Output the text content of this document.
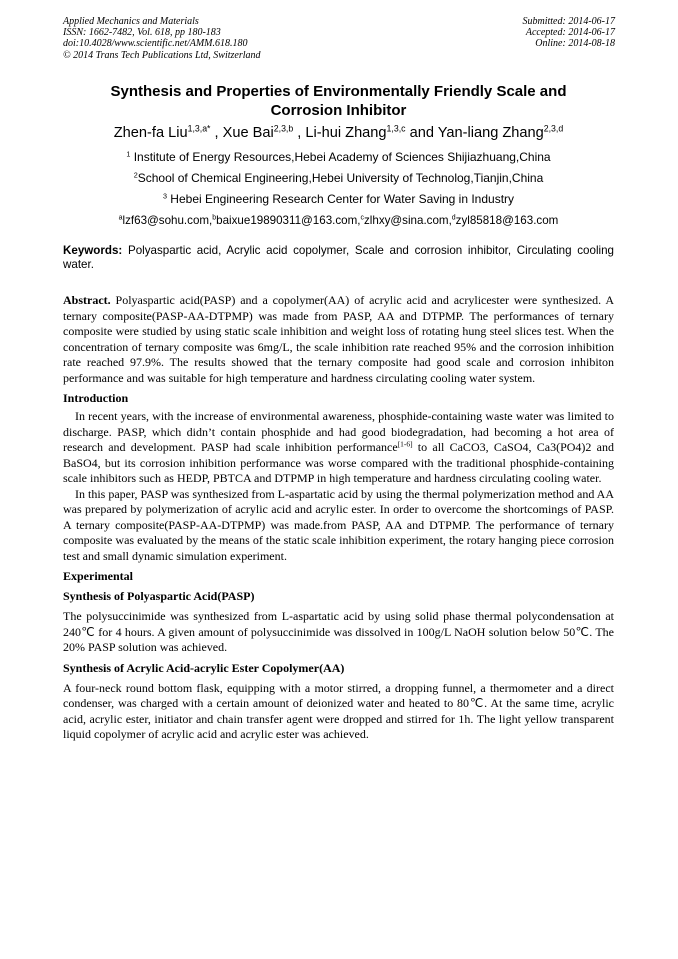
Applied Mechanics and Materials
ISSN: 1662-7482, Vol. 618, pp 180-183
doi:10.4028/www.scientific.net/AMM.618.180
© 2014 Trans Tech Publications Ltd, Switzerland
Submitted: 2014-06-17
Accepted: 2014-06-17
Online: 2014-08-18
Synthesis and Properties of Environmentally Friendly Scale and
Corrosion Inhibitor
Zhen-fa Liu$^{1,3,a*}$ , Xue Bai$^{2,3,b}$ , Li-hui Zhang$^{1,3,c}$ and Yan-liang Zhang$^{2,3,d}$
$^1$ Institute of Energy Resources,Hebei Academy of Sciences Shijiazhuang,China
$^2$School of Chemical Engineering,Hebei University of Technolog,Tianjin,China
$^3$ Hebei Engineering Research Center for Water Saving in Industry
$^a$lzf63@sohu.com,$^b$baixue19890311@163.com,$^c$zlhxy@sina.com,$^d$zyl85818@163.com
Keywords: Polyaspartic acid, Acrylic acid copolymer, Scale and corrosion inhibitor, Circulating cooling water.
Abstract. Polyaspartic acid(PASP) and a copolymer(AA) of acrylic acid and acrylicester were synthesized. A ternary composite(PASP-AA-DTPMP) was made from PASP, AA and DTPMP. The performances of ternary composite were studied by using static scale inhibition and weight loss of rotating hung steel slices test. When the concentration of ternary composite was 6mg/L, the scale inhibition rate reached 95% and the corrosion inhibition rate reached 97.9%. The results showed that the ternary composite had good scale and corrosion inhibiton performance and was suitable for high temperature and hardness circulating cooling water system.
Introduction
In recent years, with the increase of environmental awareness, phosphide-containing waste water was limited to discharge. PASP, which didn’t contain phosphide and had good biodegradation, had becoming a hot area of research and development. PASP had scale inhibition performance[1-6] to all CaCO3, CaSO4, Ca3(PO4)2 and BaSO4, but its corrosion inhibition performance was worse compared with the traditional phosphide-containing scale inhibitors such as HEDP, PBTCA and DTPMP in high temperature and hardness circulating cooling water.
In this paper, PASP was synthesized from L-aspartatic acid by using the thermal polymerization method and AA was prepared by polymerization of acrylic acid and acrylic ester. In order to overcome the shortcomings of PASP. A ternary composite(PASP-AA-DTPMP) was made.from PASP, AA and DTPMP. The performance of ternary composite was evaluated by the means of the static scale inhibition experiment, the rotary hanging piece corrosion test and small dynamic simulation experiment.
Experimental
Synthesis of Polyaspartic Acid(PASP)
The polysuccinimide was synthesized from L-aspartatic acid by using solid phase thermal polycondensation at 240℃ for 4 hours. A given amount of polysuccinimide was dissolved in 100g/L NaOH solution below 50℃. The 20% PASP solution was achieved.
Synthesis of Acrylic Acid-acrylic Ester Copolymer(AA)
A four-neck round bottom flask, equipping with a motor stirred, a dropping funnel, a thermometer and a direct condenser, was charged with a certain amount of deionized water and heated to 80℃. At the same time, acrylic acid, acrylic ester, initiator and chain transfer agent were dropped and stirred for 1h. The light yellow transparent liquid copolymer of acrylic acid and acrylic ester was achieved.
